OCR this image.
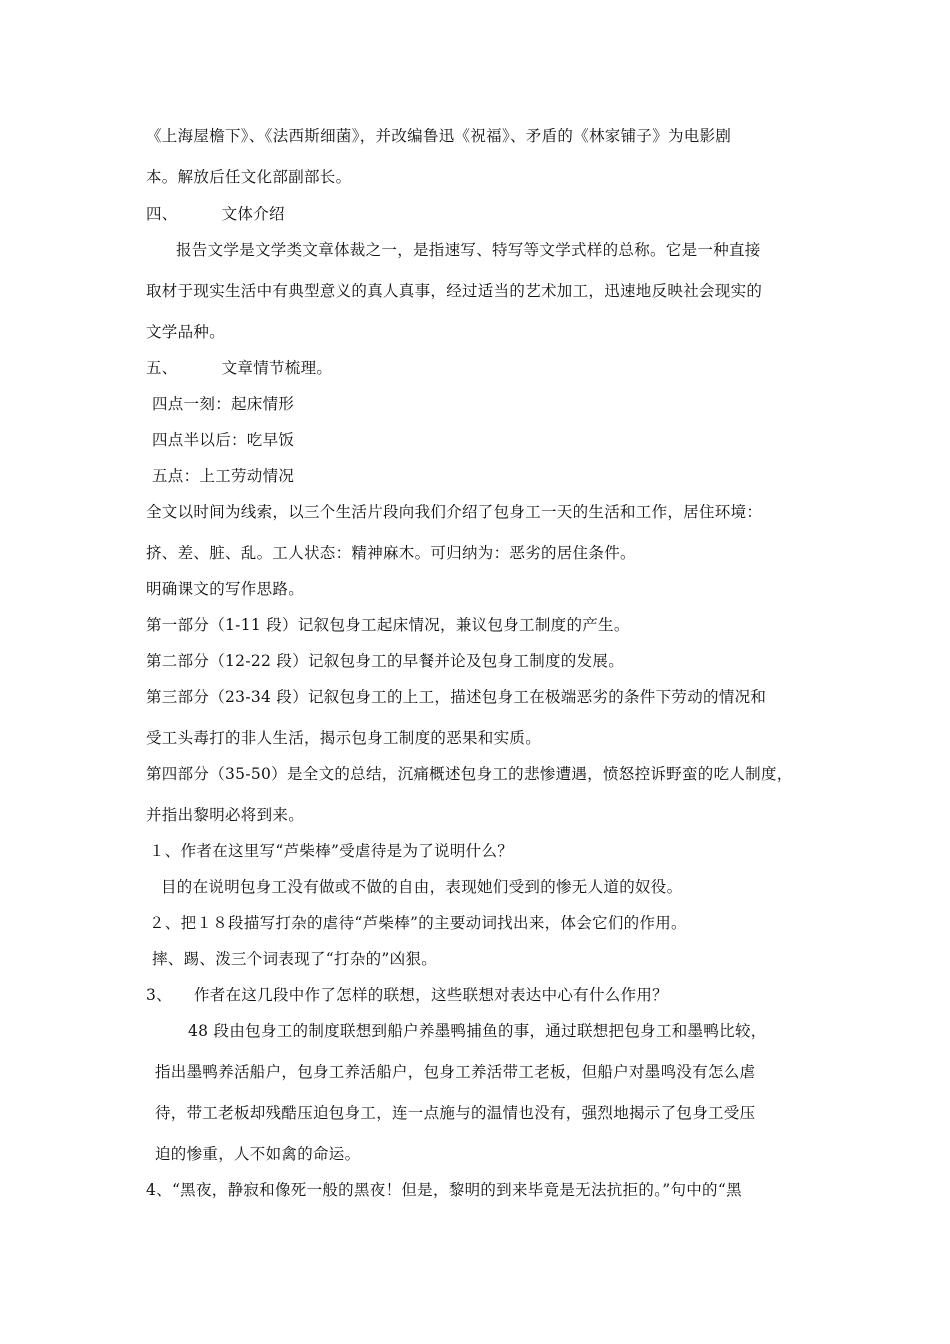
《上海屋檐下》、《法西斯细菌》，并改编鲁迅《祝福》、矛盾的《林家铺子》为电影剧
本。解放后任文化部副部长。
四、	文体介绍
报告文学是文学类文章体裁之一，是指速写、特写等文学式样的总称。它是一种直接
取材于现实生活中有典型意义的真人真事，经过适当的艺术加工，迅速地反映社会现实的
文学品种。
五、	文章情节梳理。
四点一刻：起床情形
四点半以后：吃早饭
五点：上工劳动情况
全文以时间为线索，以三个生活片段向我们介绍了包身工一天的生活和工作，居住环境：
挤、差、脏、乱。工人状态：精神麻木。可归纳为：恶劣的居住条件。
明确课文的写作思路。
第一部分（1-11 段）记叙包身工起床情况，兼议包身工制度的产生。
第二部分（12-22 段）记叙包身工的早餐并论及包身工制度的发展。
第三部分（23-34 段）记叙包身工的上工，描述包身工在极端恶劣的条件下劳动的情况和
受工头毒打的非人生活，揭示包身工制度的恶果和实质。
第四部分（35-50）是全文的总结，沉痛概述包身工的悲惨遭遇，愤怒控诉野蛮的吃人制度，
并指出黎明必将到来。
１、作者在这里写“芦柴棒”受虐待是为了说明什么？
目的在说明包身工没有做或不做的自由，表现她们受到的惨无人道的奴役。
２、把１８段描写打杂的虐待“芦柴棒”的主要动词找出来，体会它们的作用。
摔、踢、泼三个词表现了“打杂的”凶狠。
3、 作者在这几段中作了怎样的联想，这些联想对表达中心有什么作用？
48 段由包身工的制度联想到船户养墨鸭捕鱼的事，通过联想把包身工和墨鸭比较，
指出墨鸭养活船户，包身工养活船户，包身工养活带工老板，但船户对墨鸣没有怎么虐
待，带工老板却残酷压迫包身工，连一点施与的温情也没有，强烈地揭示了包身工受压
迫的惨重，人不如禽的命运。
4、“黑夜，静寂和像死一般的黑夜！但是，黎明的到来毕竟是无法抗拒的。”句中的“黑
